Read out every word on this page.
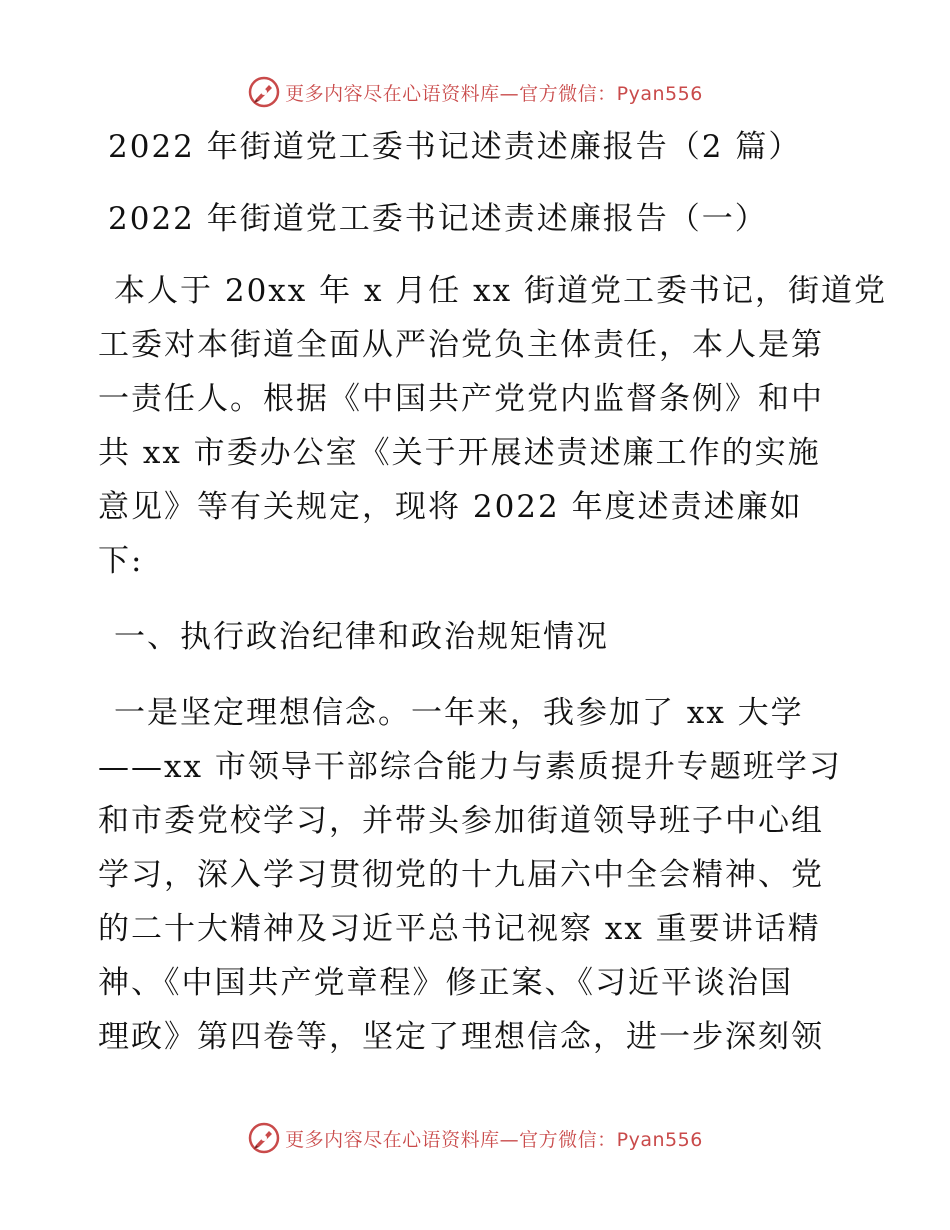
更多内容尽在心语资料库—官方微信：Pyan556
2022 年街道党工委书记述责述廉报告（2 篇）
2022 年街道党工委书记述责述廉报告（一）
本人于 20xx 年 x 月任 xx 街道党工委书记，街道党
工委对本街道全面从严治党负主体责任，本人是第
一责任人。根据《中国共产党党内监督条例》和中
共 xx 市委办公室《关于开展述责述廉工作的实施
意见》等有关规定，现将 2022 年度述责述廉如
下:
一、执行政治纪律和政治规矩情况
一是坚定理想信念。一年来，我参加了 xx 大学
——xx 市领导干部综合能力与素质提升专题班学习
和市委党校学习，并带头参加街道领导班子中心组
学习，深入学习贯彻党的十九届六中全会精神、党
的二十大精神及习近平总书记视察 xx 重要讲话精
神、《中国共产党章程》修正案、《习近平谈治国
理政》第四卷等，坚定了理想信念，进一步深刻领
更多内容尽在心语资料库—官方微信：Pyan556
